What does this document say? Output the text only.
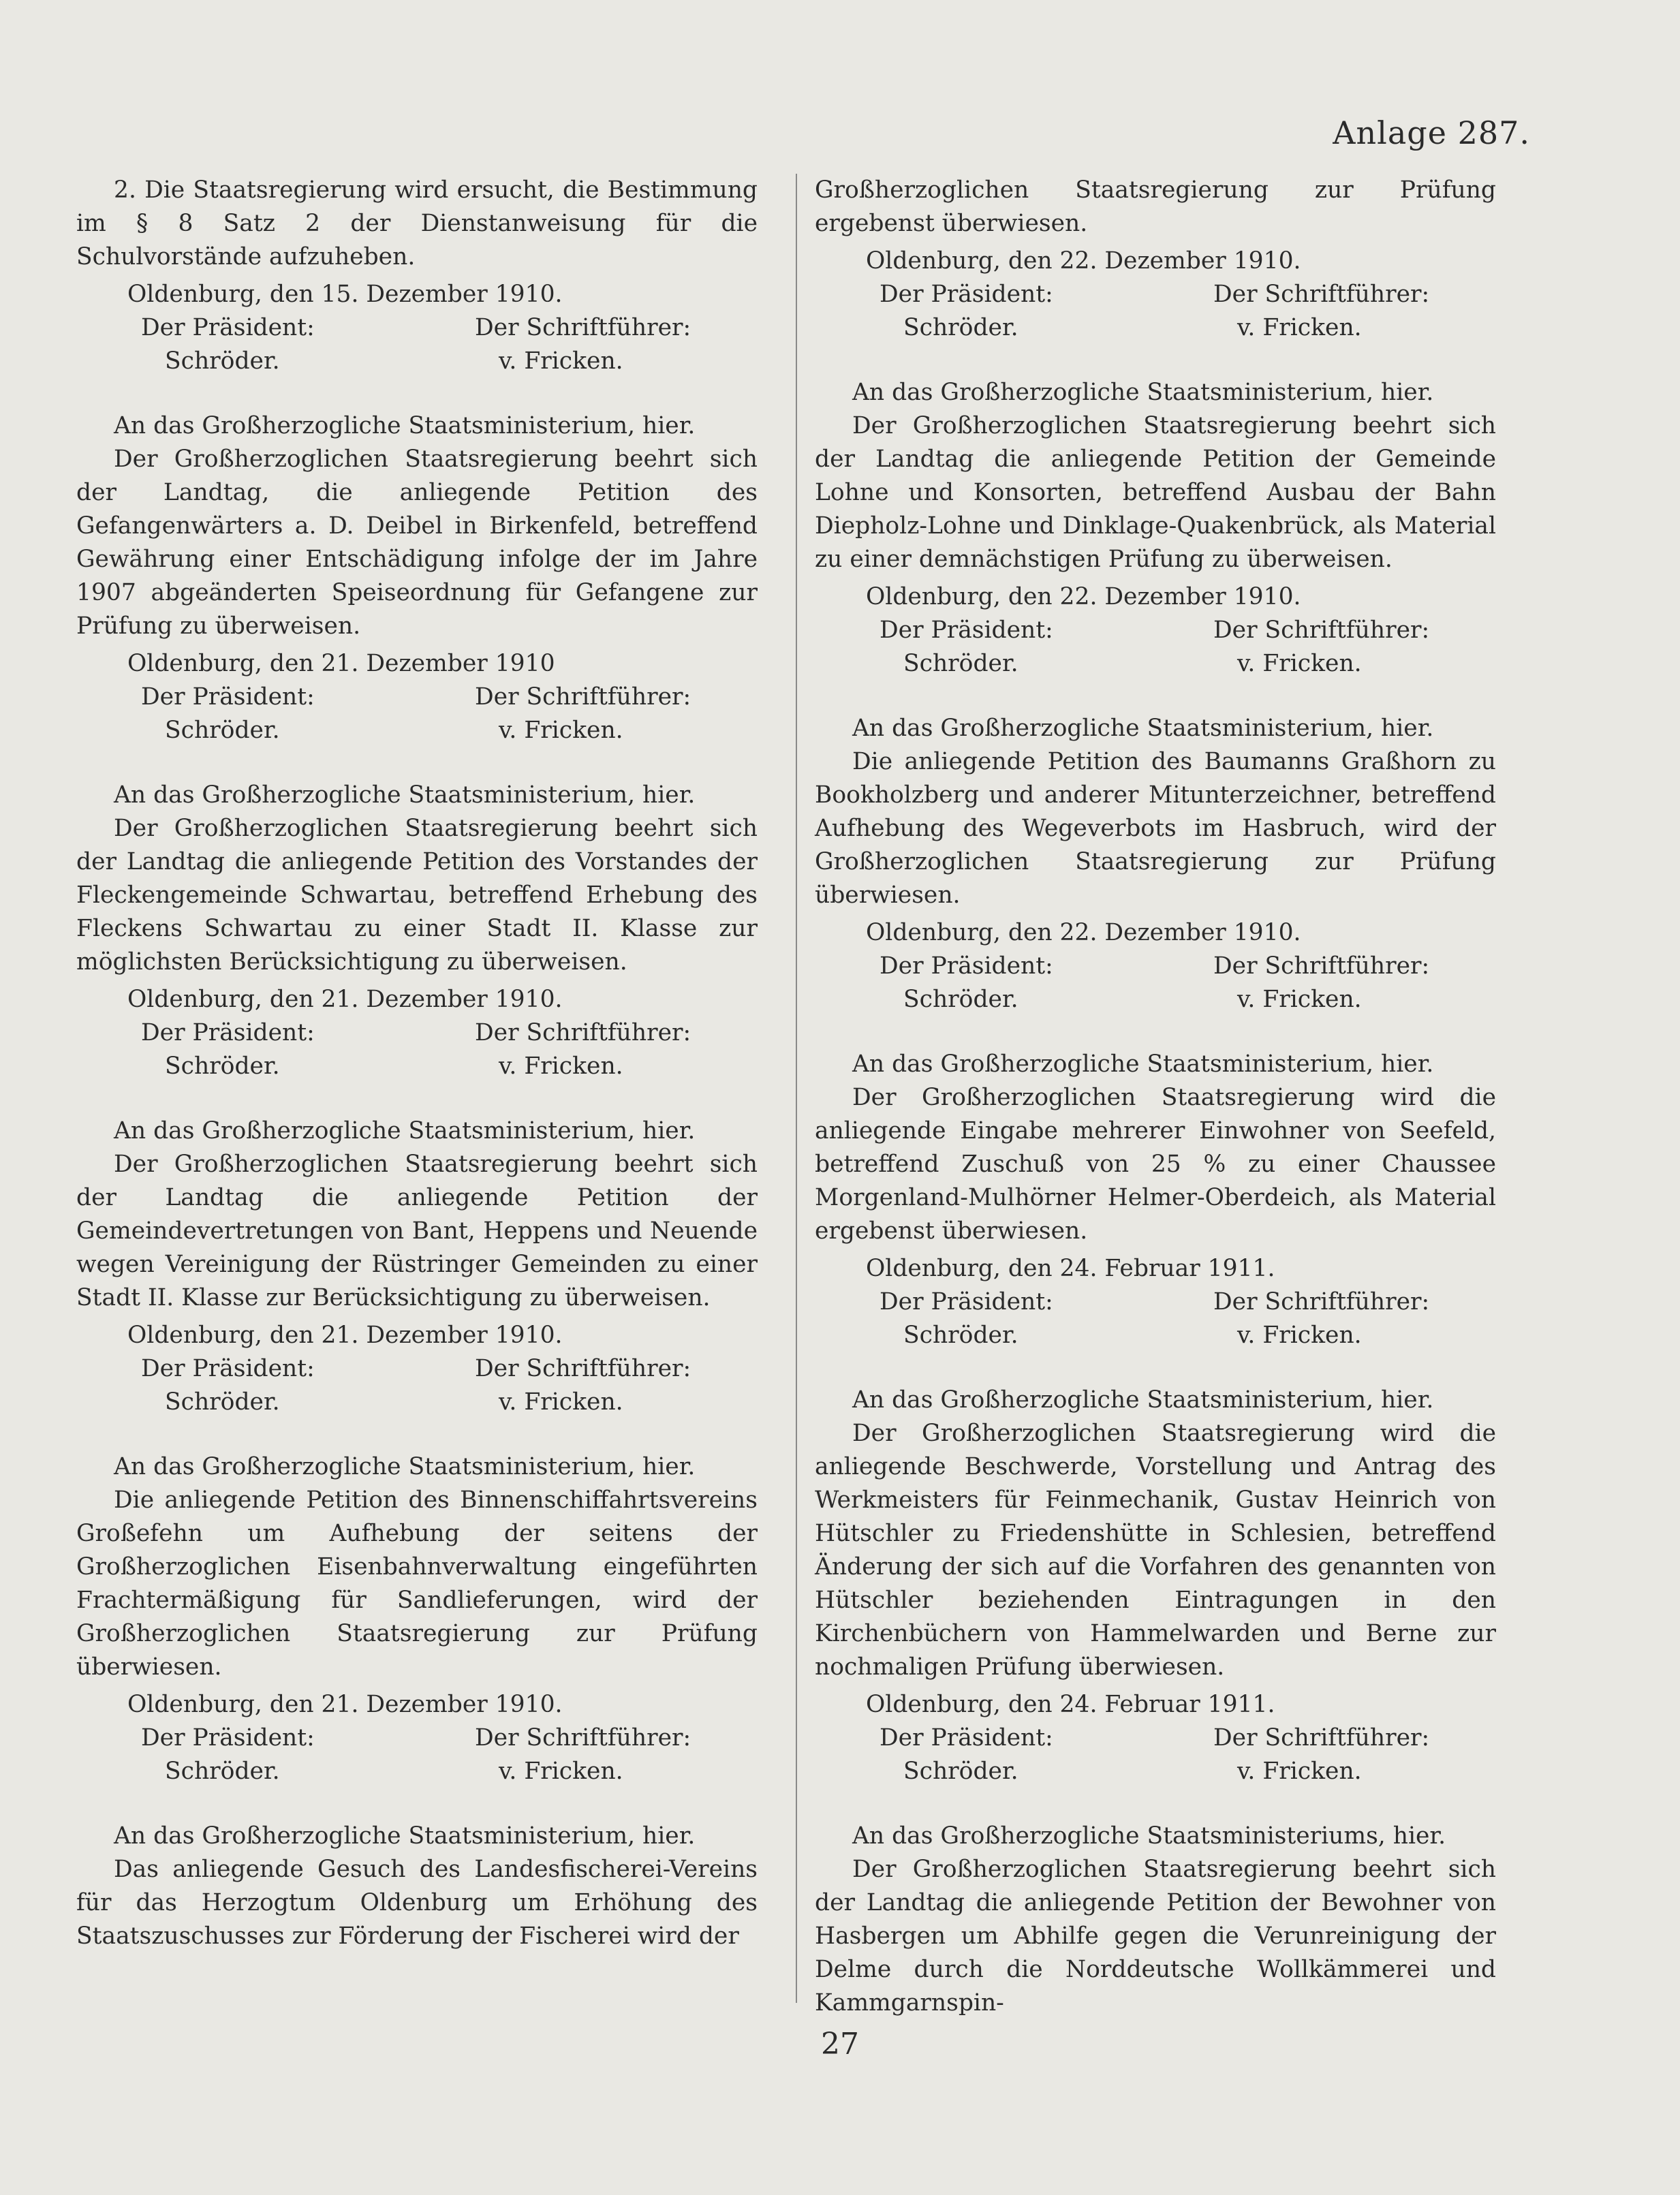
Anlage 287.

2. Die Staatsregierung wird ersucht, die Bestimmung im § 8 Satz 2 der Dienstanweisung für die Schulvorstände aufzuheben.

Oldenburg, den 15. Dezember 1910.

Der Präsident:	Der Schriftführer:
Schröder.	v. Fricken.

An das Großherzogliche Staatsministerium, hier.

Der Großherzoglichen Staatsregierung beehrt sich der Landtag, die anliegende Petition des Gefangenwärters a. D. Deibel in Birkenfeld, betreffend Gewährung einer Entschädigung infolge der im Jahre 1907 abgeänderten Speiseordnung für Gefangene zur Prüfung zu überweisen.

Oldenburg, den 21. Dezember 1910

Der Präsident:	Der Schriftführer:
Schröder.	v. Fricken.

An das Großherzogliche Staatsministerium, hier.

Der Großherzoglichen Staatsregierung beehrt sich der Landtag die anliegende Petition des Vorstandes der Fleckengemeinde Schwartau, betreffend Erhebung des Fleckens Schwartau zu einer Stadt II. Klasse zur möglichsten Berücksichtigung zu überweisen.

Oldenburg, den 21. Dezember 1910.

Der Präsident:	Der Schriftführer:
Schröder.	v. Fricken.

An das Großherzogliche Staatsministerium, hier.

Der Großherzoglichen Staatsregierung beehrt sich der Landtag die anliegende Petition der Gemeindevertretungen von Bant, Heppens und Neuende wegen Vereinigung der Rüstringer Gemeinden zu einer Stadt II. Klasse zur Berücksichtigung zu überweisen.

Oldenburg, den 21. Dezember 1910.

Der Präsident:	Der Schriftführer:
Schröder.	v. Fricken.

An das Großherzogliche Staatsministerium, hier.

Die anliegende Petition des Binnenschiffahrtsvereins Großefehn um Aufhebung der seitens der Großherzoglichen Eisenbahnverwaltung eingeführten Frachtermäßigung für Sandlieferungen, wird der Großherzoglichen Staatsregierung zur Prüfung überwiesen.

Oldenburg, den 21. Dezember 1910.

Der Präsident:	Der Schriftführer:
Schröder.	v. Fricken.

An das Großherzogliche Staatsministerium, hier.

Das anliegende Gesuch des Landesfischerei-Vereins für das Herzogtum Oldenburg um Erhöhung des Staatszuschusses zur Förderung der Fischerei wird der

Großherzoglichen Staatsregierung zur Prüfung ergebenst überwiesen.

Oldenburg, den 22. Dezember 1910.

Der Präsident:	Der Schriftführer:
Schröder.	v. Fricken.

An das Großherzogliche Staatsministerium, hier.

Der Großherzoglichen Staatsregierung beehrt sich der Landtag die anliegende Petition der Gemeinde Lohne und Konsorten, betreffend Ausbau der Bahn Diepholz-Lohne und Dinklage-Quakenbrück, als Material zu einer demnächstigen Prüfung zu überweisen.

Oldenburg, den 22. Dezember 1910.

Der Präsident:	Der Schriftführer:
Schröder.	v. Fricken.

An das Großherzogliche Staatsministerium, hier.

Die anliegende Petition des Baumanns Graßhorn zu Bookholzberg und anderer Mitunterzeichner, betreffend Aufhebung des Wegeverbots im Hasbruch, wird der Großherzoglichen Staatsregierung zur Prüfung überwiesen.

Oldenburg, den 22. Dezember 1910.

Der Präsident:	Der Schriftführer:
Schröder.	v. Fricken.

An das Großherzogliche Staatsministerium, hier.

Der Großherzoglichen Staatsregierung wird die anliegende Eingabe mehrerer Einwohner von Seefeld, betreffend Zuschuß von 25 % zu einer Chaussee Morgenland-Mulhörner Helmer-Oberdeich, als Material ergebenst überwiesen.

Oldenburg, den 24. Februar 1911.

Der Präsident:	Der Schriftführer:
Schröder.	v. Fricken.

An das Großherzogliche Staatsministerium, hier.

Der Großherzoglichen Staatsregierung wird die anliegende Beschwerde, Vorstellung und Antrag des Werkmeisters für Feinmechanik, Gustav Heinrich von Hütschler zu Friedenshütte in Schlesien, betreffend Änderung der sich auf die Vorfahren des genannten von Hütschler beziehenden Eintragungen in den Kirchenbüchern von Hammelwarden und Berne zur nochmaligen Prüfung überwiesen.

Oldenburg, den 24. Februar 1911.

Der Präsident:	Der Schriftführer:
Schröder.	v. Fricken.

An das Großherzogliche Staatsministeriums, hier.

Der Großherzoglichen Staatsregierung beehrt sich der Landtag die anliegende Petition der Bewohner von Hasbergen um Abhilfe gegen die Verunreinigung der Delme durch die Norddeutsche Wollkämmerei und Kammgarnspin-

27
